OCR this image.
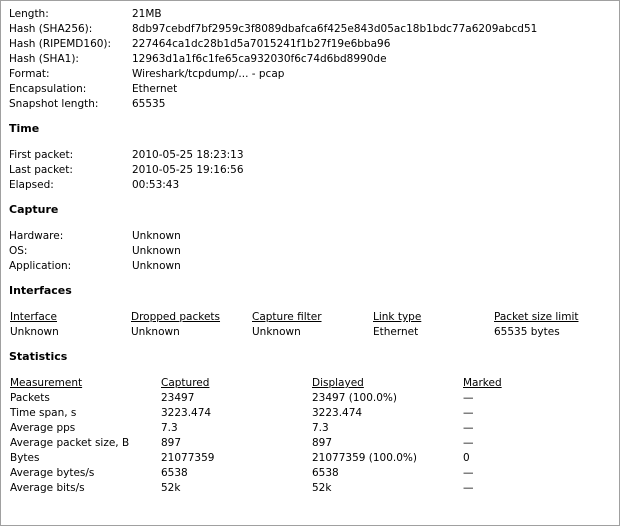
Length:	21MB
Hash (SHA256):	8db97cebdf7bf2959c3f8089dbafca6f425e843d05ac18b1bdc77a6209abcd51
Hash (RIPEMD160): 227464ca1dc28b1d5a7015241f1b27f19e6bba96
Hash (SHA1):	12963d1a1f6c1fe65ca932030f6c74d6bd8990de
Format:	Wireshark/tcpdump/... - pcap
Encapsulation:	Ethernet
Snapshot length:	65535
Time
First packet:	2010-05-25 18:23:13
Last packet:	2010-05-25 19:16:56
Elapsed:	00:53:43
Capture
Hardware:	Unknown
OS:	Unknown
Application:	Unknown
Interfaces
Interface	Dropped packets	Capture filter	Link type	Packet size limit
Unknown	Unknown	Unknown	Ethernet	65535 bytes
Statistics
Measurement	Captured	Displayed	Marked
Packets	23497	23497 (100.0%)	—
Time span, s	3223.474	3223.474	—
Average pps	7.3	7.3	—
Average packet size, B	897	897	—
Bytes	21077359	21077359 (100.0%)	0
Average bytes/s	6538	6538	—
Average bits/s	52k	52k	—
